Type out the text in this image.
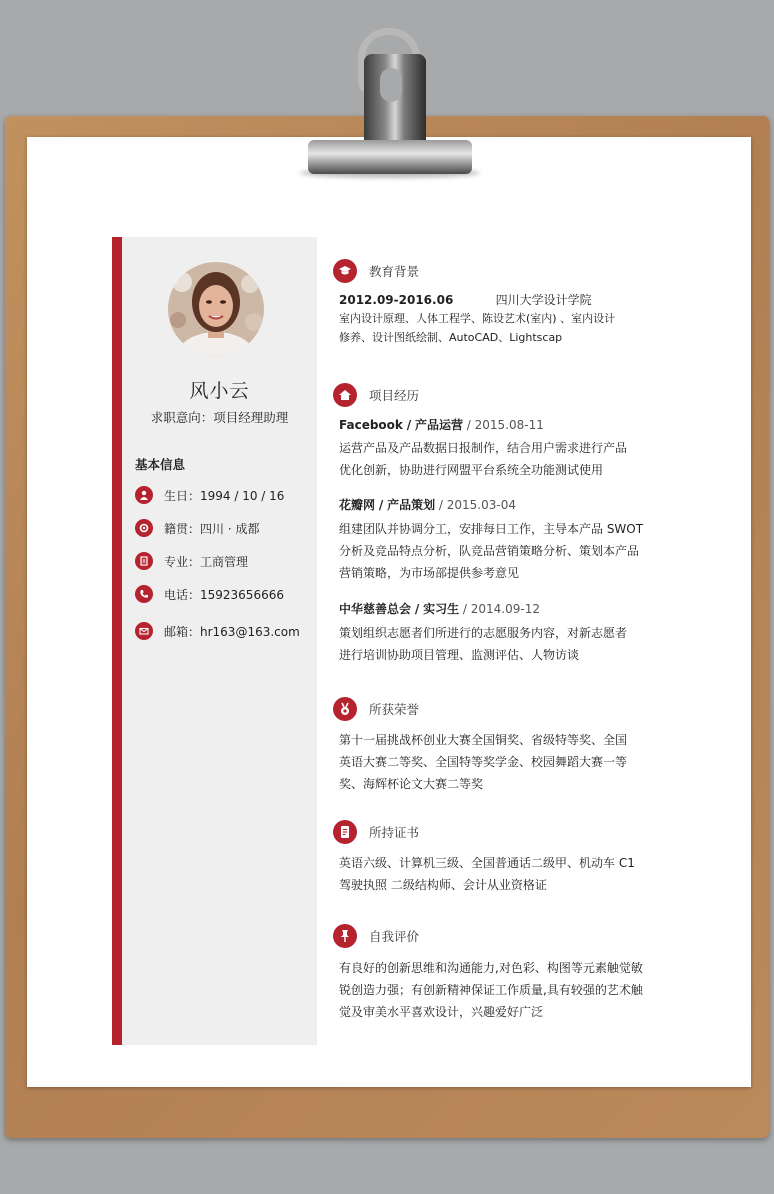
风小云
求职意向：项目经理助理
基本信息
生日：1994 / 10 / 16
籍贯：四川 · 成都
专业：工商管理
电话：15923656666
邮箱：hr163@163.com
教育背景
2012.09-2016.06	四川大学设计学院
室内设计原理、人体工程学、陈设艺术(室内) 、室内设计
修养、设计图纸绘制、AutoCAD、Lightscap
项目经历
Facebook / 产品运营 / 2015.08-11
运营产品及产品数据日报制作，结合用户需求进行产品
优化创新，协助进行网盟平台系统全功能测试使用
花瓣网 / 产品策划 / 2015.03-04
组建团队并协调分工，安排每日工作，主导本产品 SWOT
分析及竞品特点分析，队竞品营销策略分析、策划本产品
营销策略，为市场部提供参考意见
中华慈善总会 / 实习生 / 2014.09-12
策划组织志愿者们所进行的志愿服务内容，对新志愿者
进行培训协助项目管理、监测评估、人物访谈
所获荣誉
第十一届挑战杯创业大赛全国铜奖、省级特等奖、全国
英语大赛二等奖、全国特等奖学金、校园舞蹈大赛一等
奖、海辉杯论文大赛二等奖
所持证书
英语六级、计算机三级、全国普通话二级甲、机动车 C1
驾驶执照 二级结构师、会计从业资格证
自我评价
有良好的创新思维和沟通能力,对色彩、构图等元素触觉敏
锐创造力强；有创新精神保证工作质量,具有较强的艺术触
觉及审美水平喜欢设计，兴趣爱好广泛
